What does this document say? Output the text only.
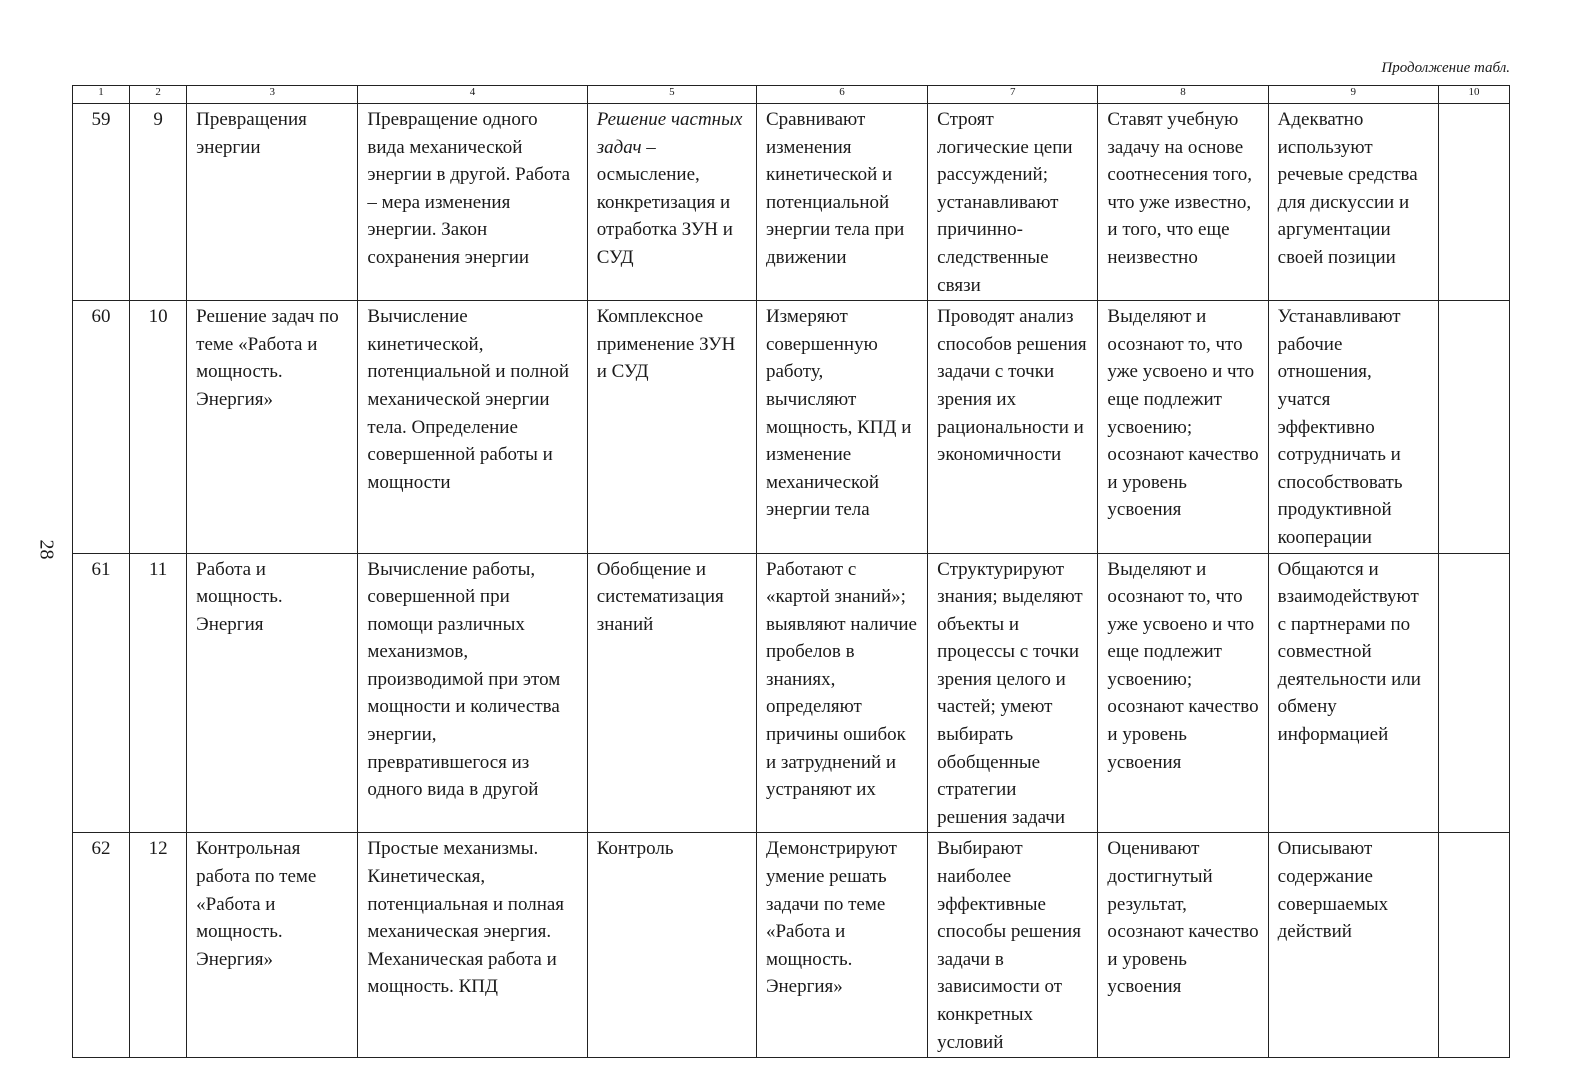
Продолжение табл.
28
1	2	3	4	5	6	7	8	9	10
59	9	Превращения энергии	Превращение одного вида механической энергии в другой. Работа – мера изменения энергии. Закон сохранения энергии	Решение частных задач – осмысление, конкретизация и отработка ЗУН и СУД	Сравнивают изменения кинетической и потенциальной энергии тела при движении	Строят логические цепи рассуждений; устанавливают причинно-следственные связи	Ставят учебную задачу на основе соотнесения того, что уже известно, и того, что еще неизвестно	Адекватно используют речевые средства для дискуссии и аргументации своей позиции	
60	10	Решение задач по теме «Работа и мощность. Энергия»	Вычисление кинетической, потенциальной и полной механической энергии тела. Определение совершенной работы и мощности	Комплексное применение ЗУН и СУД	Измеряют совершенную работу, вычисляют мощность, КПД и изменение механической энергии тела	Проводят анализ способов решения задачи с точки зрения их рациональности и экономичности	Выделяют и осознают то, что уже усвоено и что еще подлежит усвоению; осознают качество и уровень усвоения	Устанавливают рабочие отношения, учатся эффективно сотрудничать и способствовать продуктивной кооперации	
61	11	Работа и мощность. Энергия	Вычисление работы, совершенной при помощи различных механизмов, производимой при этом мощности и количества энергии, превратившегося из одного вида в другой	Обобщение и систематизация знаний	Работают с «картой знаний»; выявляют наличие пробелов в знаниях, определяют причины ошибок и затруднений и устраняют их	Структурируют знания; выделяют объекты и процессы с точки зрения целого и частей; умеют выбирать обобщенные стратегии решения задачи	Выделяют и осознают то, что уже усвоено и что еще подлежит усвоению; осознают качество и уровень усвоения	Общаются и взаимодействуют с партнерами по совместной деятельности или обмену информацией	
62	12	Контрольная работа по теме «Работа и мощность. Энергия»	Простые механизмы. Кинетическая, потенциальная и полная механическая энергия. Механическая работа и мощность. КПД	Контроль	Демонстрируют умение решать задачи по теме «Работа и мощность. Энергия»	Выбирают наиболее эффективные способы решения задачи в зависимости от конкретных условий	Оценивают достигнутый результат, осознают качество и уровень усвоения	Описывают содержание совершаемых действий	
